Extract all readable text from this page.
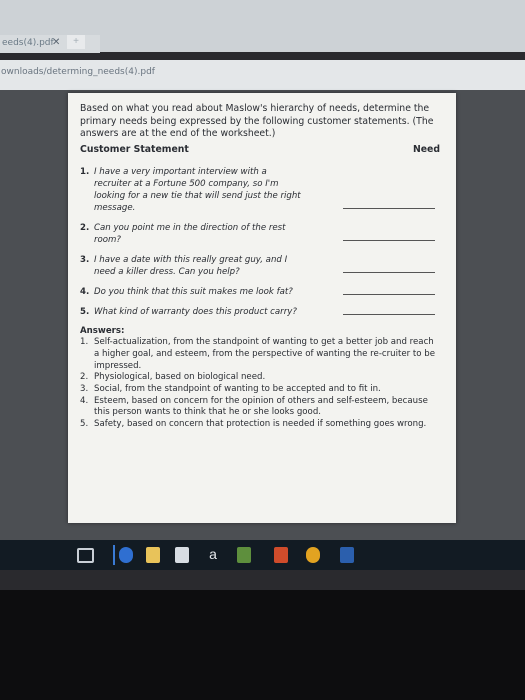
eeds(4).pdf
✕	+
ownloads/determing_needs(4).pdf
Based on what you read about Maslow's hierarchy of needs, determine the primary needs being expressed by the following customer statements. (The answers are at the end of the worksheet.)
Customer Statement	Need
1. I have a very important interview with a recruiter at a Fortune 500 company, so I'm looking for a new tie that will send just the right message.
2. Can you point me in the direction of the rest room?
3. I have a date with this really great guy, and I need a killer dress. Can you help?
4. Do you think that this suit makes me look fat?
5. What kind of warranty does this product carry?
Answers:
1. Self-actualization, from the standpoint of wanting to get a better job and reach a higher goal, and esteem, from the perspective of wanting the re-cruiter to be impressed.
2. Physiological, based on biological need.
3. Social, from the standpoint of wanting to be accepted and to fit in.
4. Esteem, based on concern for the opinion of others and self-esteem, because this person wants to think that he or she looks good.
5. Safety, based on concern that protection is needed if something goes wrong.
a
